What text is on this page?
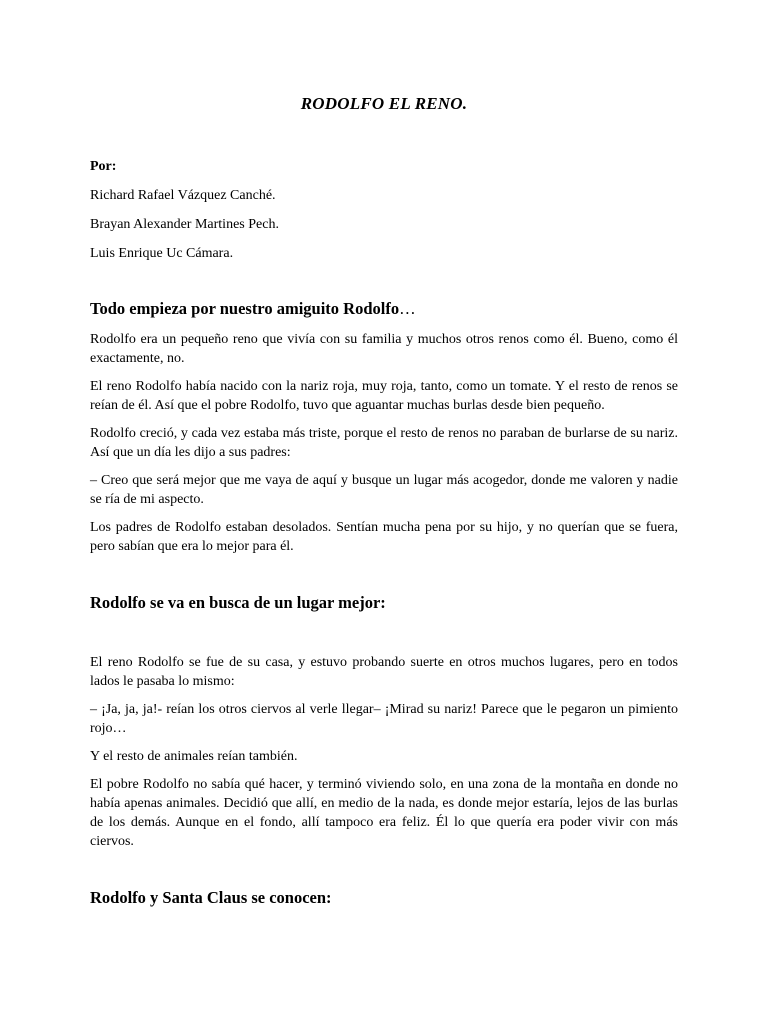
RODOLFO EL RENO.
Por:
Richard Rafael Vázquez Canché.
Brayan Alexander Martines Pech.
Luis Enrique Uc Cámara.
Todo empieza por nuestro amiguito Rodolfo…

Rodolfo era un pequeño reno que vivía con su familia y muchos otros renos como él. Bueno, como él exactamente, no.

El reno Rodolfo había nacido con la nariz roja, muy roja, tanto, como un tomate. Y el resto de renos se reían de él. Así que el pobre Rodolfo, tuvo que aguantar muchas burlas desde bien pequeño.

Rodolfo creció, y cada vez estaba más triste, porque el resto de renos no paraban de burlarse de su nariz. Así que un día les dijo a sus padres:

– Creo que será mejor que me vaya de aquí y busque un lugar más acogedor, donde me valoren y nadie se ría de mi aspecto.

Los padres de Rodolfo estaban desolados. Sentían mucha pena por su hijo, y no querían que se fuera, pero sabían que era lo mejor para él.

Rodolfo se va en busca de un lugar mejor:

El reno Rodolfo se fue de su casa, y estuvo probando suerte en otros muchos lugares, pero en todos lados le pasaba lo mismo:

– ¡Ja, ja, ja!- reían los otros ciervos al verle llegar– ¡Mirad su nariz! Parece que le pegaron un pimiento rojo…

Y el resto de animales reían también.

El pobre Rodolfo no sabía qué hacer, y terminó viviendo solo, en una zona de la montaña en donde no había apenas animales. Decidió que allí, en medio de la nada, es donde mejor estaría, lejos de las burlas de los demás. Aunque en el fondo, allí tampoco era feliz. Él lo que quería era poder vivir con más ciervos.

Rodolfo y Santa Claus se conocen:
